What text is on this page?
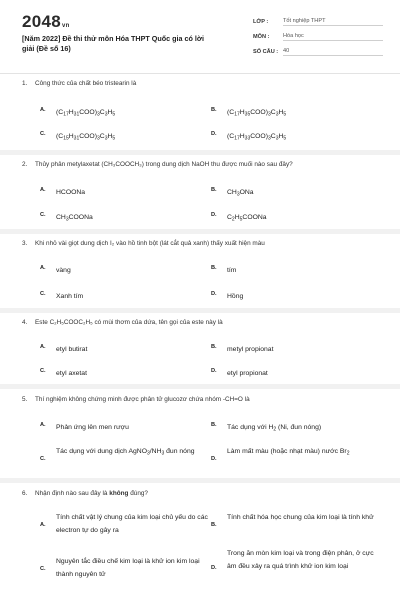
2048vn
[Năm 2022] Đề thi thử môn Hóa THPT Quốc gia có lời giải (Đề số 16)
LỚP :	Tốt nghiệp THPT
MÔN :	Hóa học
SỐ CÂU : 40
1. Công thức của chất béo tristearin là
A. $(C_{17}H_{31}COO)_3C_3H_5$
B. $(C_{17}H_{35}COO)_3C_3H_5$
C. $(C_{15}H_{31}COO)_3C_3H_5$
D. $(C_{17}H_{33}COO)_3C_3H_5$
2. Thủy phân metylaxetat (CH₃COOCH₃) trong dung dịch NaOH thu được muối nào sau đây?
A. HCOONa	B. $CH_3ONa$
C. $CH_3COONa$	D. $C_2H_5COONa$
3. Khi nhỏ vài giọt dung dịch I₂ vào hồ tinh bột (lát cắt quả xanh) thấy xuất hiện màu
A. vàng	B. tím
C. Xanh tím	D. Hồng
4. Este C₂H₅COOC₂H₅ có mùi thơm của dứa, tên gọi của este này là
A. etyl butirat	B. metyl propionat
C. etyl axetat	D. etyl propionat
5. Thí nghiệm không chứng minh được phân tử glucozơ chứa nhóm -CH=O là
A. Phản ứng lên men rượu	B. Tác dụng với $H_2$ (Ni, đun nóng)
C.
Tác dụng với dung dịch $AgNO_3/NH_3$ đun nóng
D.
Làm mất màu (hoặc nhạt màu) nước $Br_2$
6. Nhận định nào sau đây là không đúng?
A.
Tính chất vật lý chung của kim loại chủ yếu do các electron tự do gây ra
B.
Tính chất hóa học chung của kim loại là tính khử
C.
Nguyên tắc điều chế kim loại là khử ion kim loại thành nguyên tử
D.
Trong ăn mòn kim loại và trong điện phân, ở cực âm đều xảy ra quá trình khử ion kim loại
